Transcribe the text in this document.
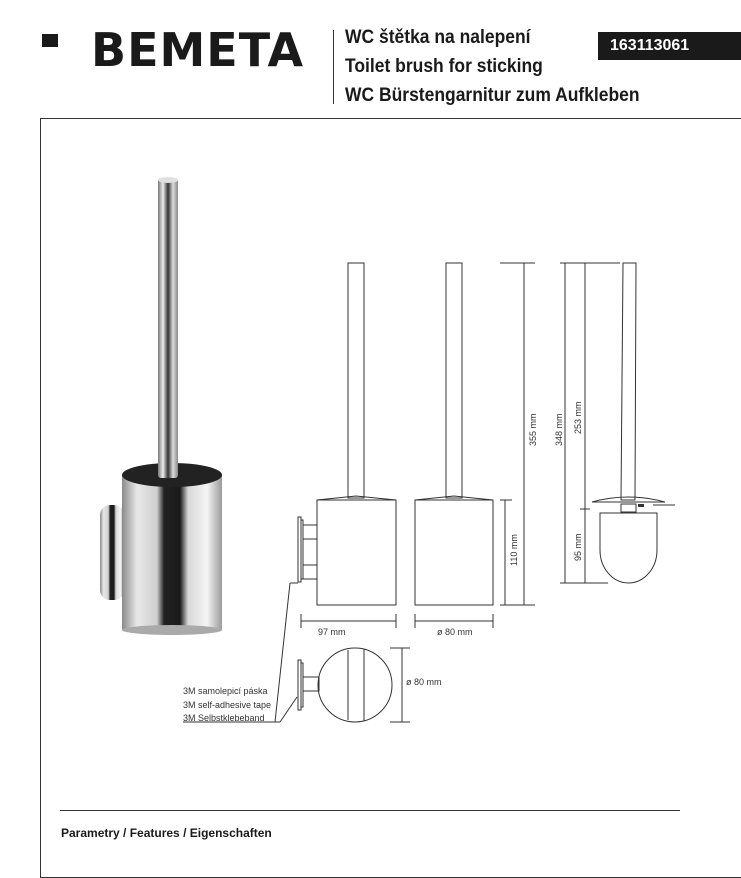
BEMETA WC štětka na nalepení
Toilet brush for sticking
WC Bürstengarnitur zum Aufkleben
163113061
97 mm	ø 80 mm
ø 80 mm
355 mm
110 mm
348 mm 253 mm
95 mm
3M samolepicí páska
3M self-adhesive tape
3M Selbstklebeband
Parametry / Features / Eigenschaften
